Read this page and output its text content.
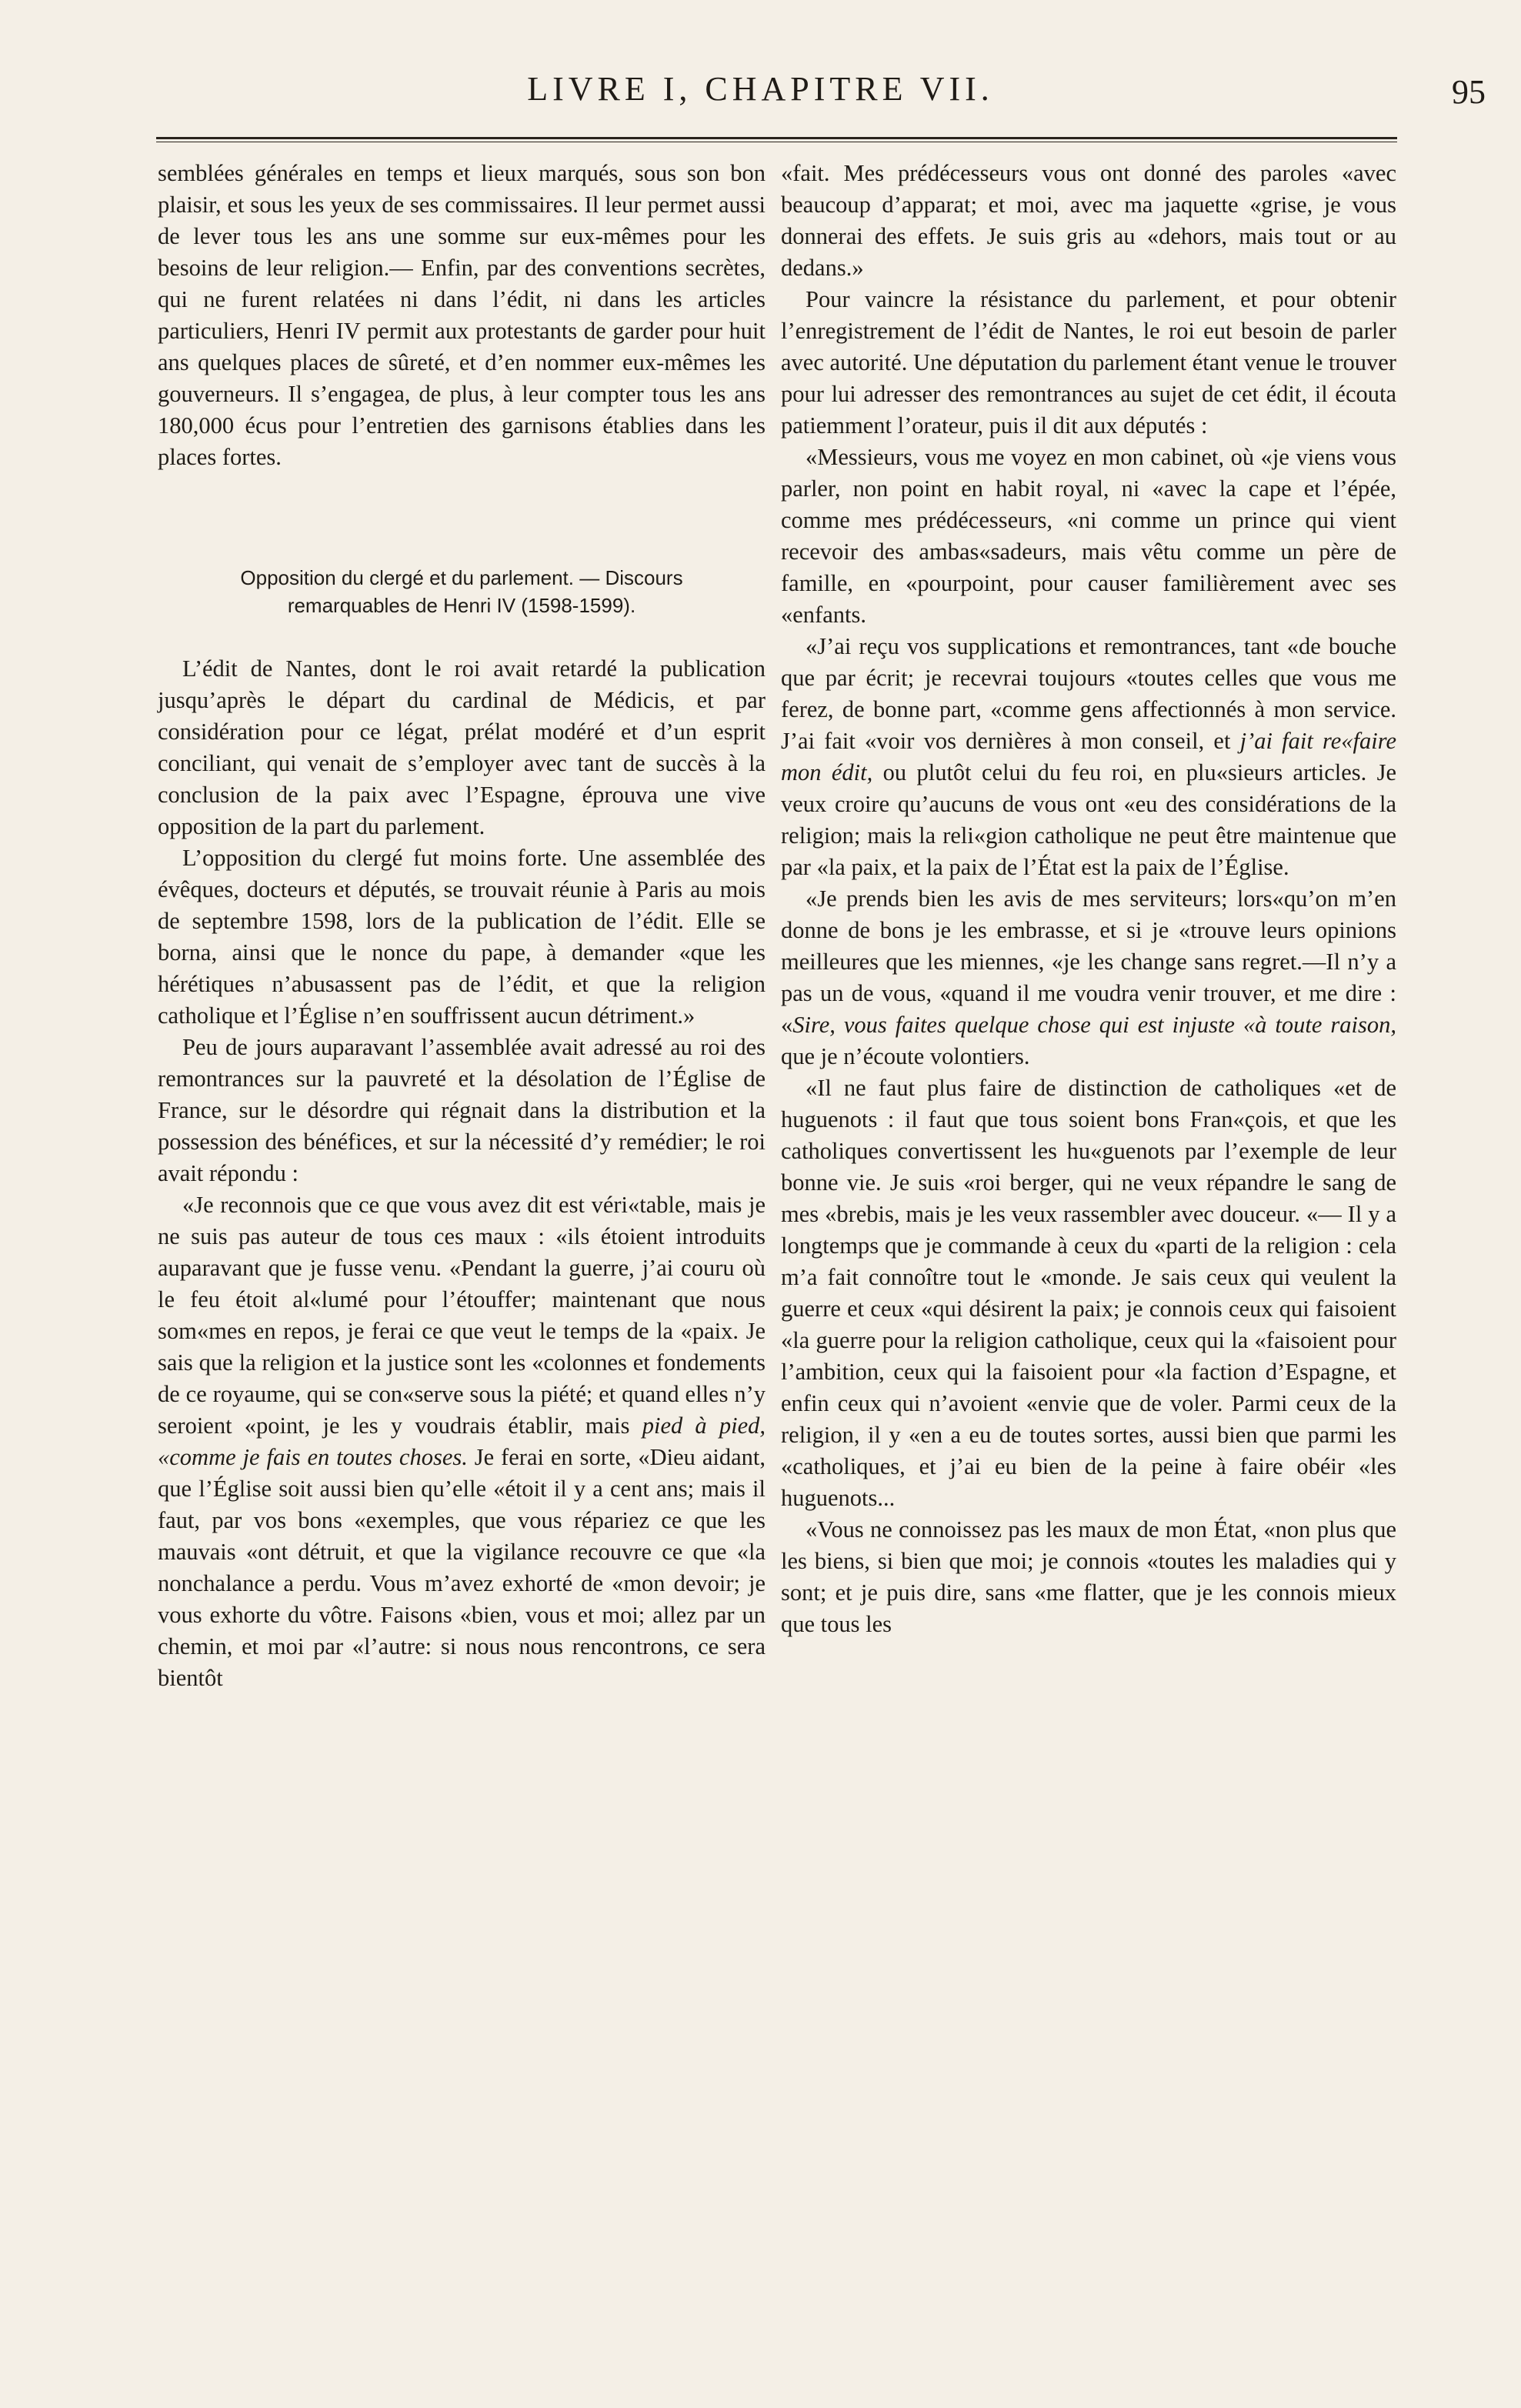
LIVRE I, CHAPITRE VII.	95

semblées générales en temps et lieux marqués, sous son bon plaisir, et sous les yeux de ses commissaires. Il leur permet aussi de lever tous les ans une somme sur eux-mêmes pour les besoins de leur religion.— Enfin, par des conventions secrètes, qui ne furent relatées ni dans l’édit, ni dans les articles particuliers, Henri IV permit aux protestants de garder pour huit ans quelques places de sûreté, et d’en nommer eux-mêmes les gouverneurs. Il s’engagea, de plus, à leur compter tous les ans 180,000 écus pour l’entretien des garnisons établies dans les places fortes.

Opposition du clergé et du parlement. — Discours remarquables de Henri IV (1598-1599).

L’édit de Nantes, dont le roi avait retardé la publication jusqu’après le départ du cardinal de Médicis, et par considération pour ce légat, prélat modéré et d’un esprit conciliant, qui venait de s’employer avec tant de succès à la conclusion de la paix avec l’Espagne, éprouva une vive opposition de la part du parlement.

L’opposition du clergé fut moins forte. Une assemblée des évêques, docteurs et députés, se trouvait réunie à Paris au mois de septembre 1598, lors de la publication de l’édit. Elle se borna, ainsi que le nonce du pape, à demander «que les hérétiques n’abusassent pas de l’édit, et que la religion catholique et l’Église n’en souffrissent aucun détriment.»

Peu de jours auparavant l’assemblée avait adressé au roi des remontrances sur la pauvreté et la désolation de l’Église de France, sur le désordre qui régnait dans la distribution et la possession des bénéfices, et sur la nécessité d’y remédier; le roi avait répondu :

«Je reconnois que ce que vous avez dit est véri«table, mais je ne suis pas auteur de tous ces maux : «ils étoient introduits auparavant que je fusse venu. «Pendant la guerre, j’ai couru où le feu étoit al«lumé pour l’étouffer; maintenant que nous som«mes en repos, je ferai ce que veut le temps de la «paix. Je sais que la religion et la justice sont les «colonnes et fondements de ce royaume, qui se con«serve sous la piété; et quand elles n’y seroient «point, je les y voudrais établir, mais pied à pied, «comme je fais en toutes choses. Je ferai en sorte, «Dieu aidant, que l’Église soit aussi bien qu’elle «étoit il y a cent ans; mais il faut, par vos bons «exemples, que vous répariez ce que les mauvais «ont détruit, et que la vigilance recouvre ce que «la nonchalance a perdu. Vous m’avez exhorté de «mon devoir; je vous exhorte du vôtre. Faisons «bien, vous et moi; allez par un chemin, et moi par «l’autre: si nous nous rencontrons, ce sera bientôt

«fait. Mes prédécesseurs vous ont donné des paroles «avec beaucoup d’apparat; et moi, avec ma jaquette «grise, je vous donnerai des effets. Je suis gris au «dehors, mais tout or au dedans.»

Pour vaincre la résistance du parlement, et pour obtenir l’enregistrement de l’édit de Nantes, le roi eut besoin de parler avec autorité. Une députation du parlement étant venue le trouver pour lui adresser des remontrances au sujet de cet édit, il écouta patiemment l’orateur, puis il dit aux députés :

«Messieurs, vous me voyez en mon cabinet, où «je viens vous parler, non point en habit royal, ni «avec la cape et l’épée, comme mes prédécesseurs, «ni comme un prince qui vient recevoir des ambas«sadeurs, mais vêtu comme un père de famille, en «pourpoint, pour causer familièrement avec ses «enfants.

«J’ai reçu vos supplications et remontrances, tant «de bouche que par écrit; je recevrai toujours «toutes celles que vous me ferez, de bonne part, «comme gens affectionnés à mon service. J’ai fait «voir vos dernières à mon conseil, et j’ai fait re«faire mon édit, ou plutôt celui du feu roi, en plu«sieurs articles. Je veux croire qu’aucuns de vous ont «eu des considérations de la religion; mais la reli«gion catholique ne peut être maintenue que par «la paix, et la paix de l’État est la paix de l’Église.

«Je prends bien les avis de mes serviteurs; lors«qu’on m’en donne de bons je les embrasse, et si je «trouve leurs opinions meilleures que les miennes, «je les change sans regret.—Il n’y a pas un de vous, «quand il me voudra venir trouver, et me dire : «Sire, vous faites quelque chose qui est injuste «à toute raison, que je n’écoute volontiers.

«Il ne faut plus faire de distinction de catholiques «et de huguenots : il faut que tous soient bons Fran«çois, et que les catholiques convertissent les hu«guenots par l’exemple de leur bonne vie. Je suis «roi berger, qui ne veux répandre le sang de mes «brebis, mais je les veux rassembler avec douceur. «— Il y a longtemps que je commande à ceux du «parti de la religion : cela m’a fait connoître tout le «monde. Je sais ceux qui veulent la guerre et ceux «qui désirent la paix; je connois ceux qui faisoient «la guerre pour la religion catholique, ceux qui la «faisoient pour l’ambition, ceux qui la faisoient pour «la faction d’Espagne, et enfin ceux qui n’avoient «envie que de voler. Parmi ceux de la religion, il y «en a eu de toutes sortes, aussi bien que parmi les «catholiques, et j’ai eu bien de la peine à faire obéir «les huguenots...

«Vous ne connoissez pas les maux de mon État, «non plus que les biens, si bien que moi; je connois «toutes les maladies qui y sont; et je puis dire, sans «me flatter, que je les connois mieux que tous les
